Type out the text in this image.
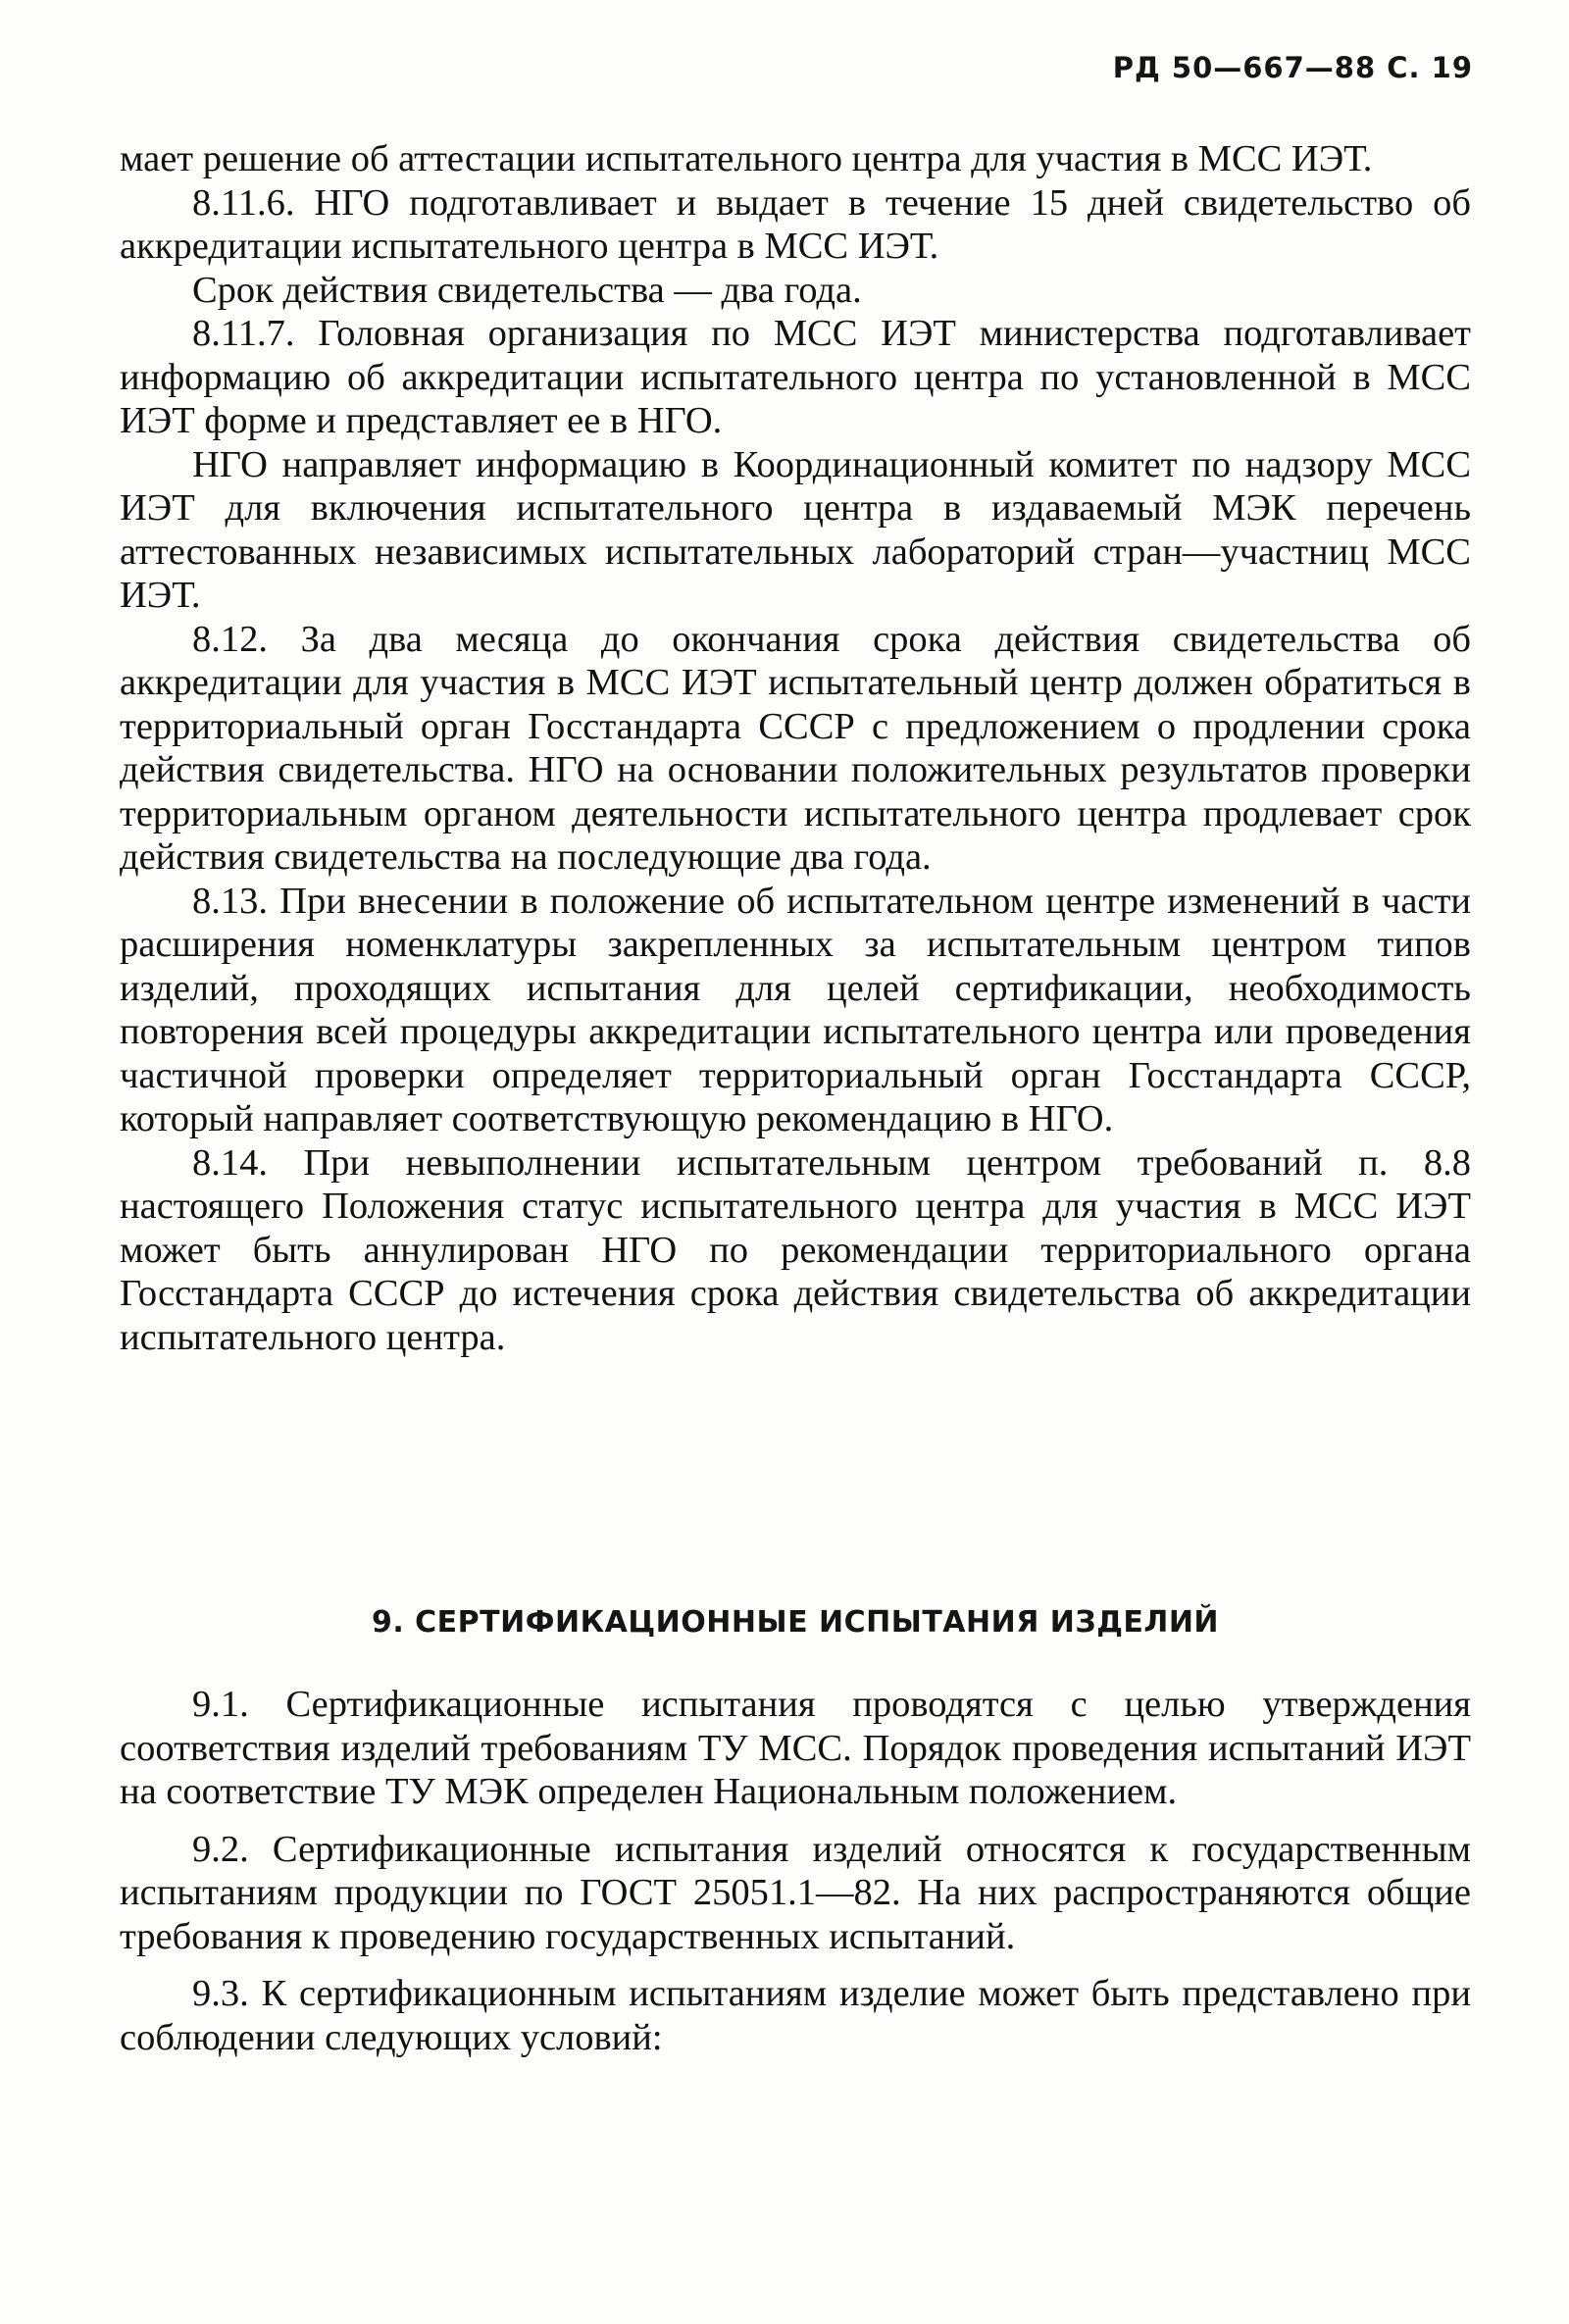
РД 50—667—88 С. 19

мает решение об аттестации испытательного центра для участия в МСС ИЭТ.

8.11.6. НГО подготавливает и выдает в течение 15 дней свидетельство об аккредитации испытательного центра в МСС ИЭТ.

Срок действия свидетельства — два года.

8.11.7. Головная организация по МСС ИЭТ министерства подготавливает информацию об аккредитации испытательного центра по установленной в МСС ИЭТ форме и представляет ее в НГО.

НГО направляет информацию в Координационный комитет по надзору МСС ИЭТ для включения испытательного центра в издаваемый МЭК перечень аттестованных независимых испытательных лабораторий стран—участниц МСС ИЭТ.

8.12. За два месяца до окончания срока действия свидетельства об аккредитации для участия в МСС ИЭТ испытательный центр должен обратиться в территориальный орган Госстандарта СССР с предложением о продлении срока действия свидетельства. НГО на основании положительных результатов проверки территориальным органом деятельности испытательного центра продлевает срок действия свидетельства на последующие два года.

8.13. При внесении в положение об испытательном центре изменений в части расширения номенклатуры закрепленных за испытательным центром типов изделий, проходящих испытания для целей сертификации, необходимость повторения всей процедуры аккредитации испытательного центра или проведения частичной проверки определяет территориальный орган Госстандарта СССР, который направляет соответствующую рекомендацию в НГО.

8.14. При невыполнении испытательным центром требований п. 8.8 настоящего Положения статус испытательного центра для участия в МСС ИЭТ может быть аннулирован НГО по рекомендации территориального органа Госстандарта СССР до истечения срока действия свидетельства об аккредитации испытательного центра.

9. СЕРТИФИКАЦИОННЫЕ ИСПЫТАНИЯ ИЗДЕЛИЙ

9.1. Сертификационные испытания проводятся с целью утверждения соответствия изделий требованиям ТУ МСС. Порядок проведения испытаний ИЭТ на соответствие ТУ МЭК определен Национальным положением.

9.2. Сертификационные испытания изделий относятся к государственным испытаниям продукции по ГОСТ 25051.1—82. На них распространяются общие требования к проведению государственных испытаний.

9.3. К сертификационным испытаниям изделие может быть представлено при соблюдении следующих условий:
